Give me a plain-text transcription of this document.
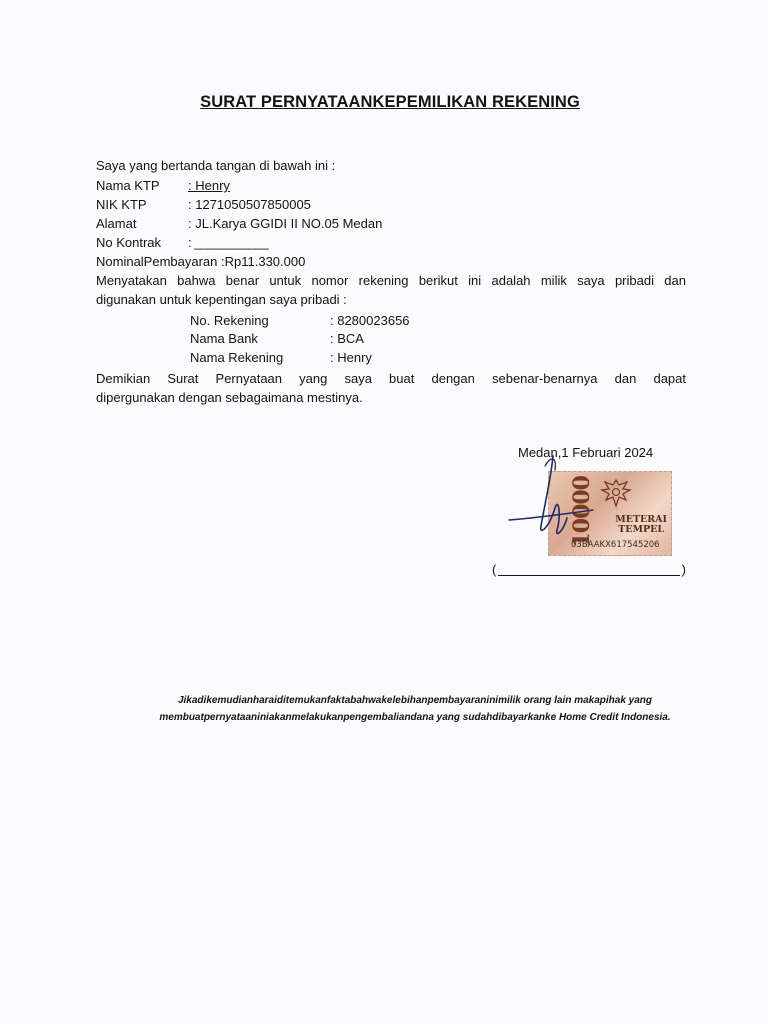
SURAT PERNYATAANKEPEMILIKAN REKENING
Saya yang bertanda tangan di bawah ini :
Nama KTP : Henry
NIK KTP	: 1271050507850005
Alamat	: JL.Karya GGIDI II NO.05 Medan
No Kontrak : ___________
NominalPembayaran :Rp11.330.000
Menyatakan bahwa benar untuk nomor rekening berikut ini adalah milik saya pribadi dan
digunakan untuk kepentingan saya pribadi :
No. Rekening	: 8280023656
Nama Bank	: BCA
Nama Rekening	: Henry
Demikian Surat Pernyataan yang saya buat dengan sebenar-benarnya dan dapat
dipergunakan dengan sebagaimana mestinya.
Medan,1 Februari 2024
10000 METERAI
TEMPEL
03BAAKX617545206
(	)
Jikadikemudianharaiditemukanfaktabahwakelebihanpembayaraninimilik orang lain makapihak yang
membuatpernyataaniniakanmelakukanpengembaliandana yang sudahdibayarkanke Home Credit Indonesia.
